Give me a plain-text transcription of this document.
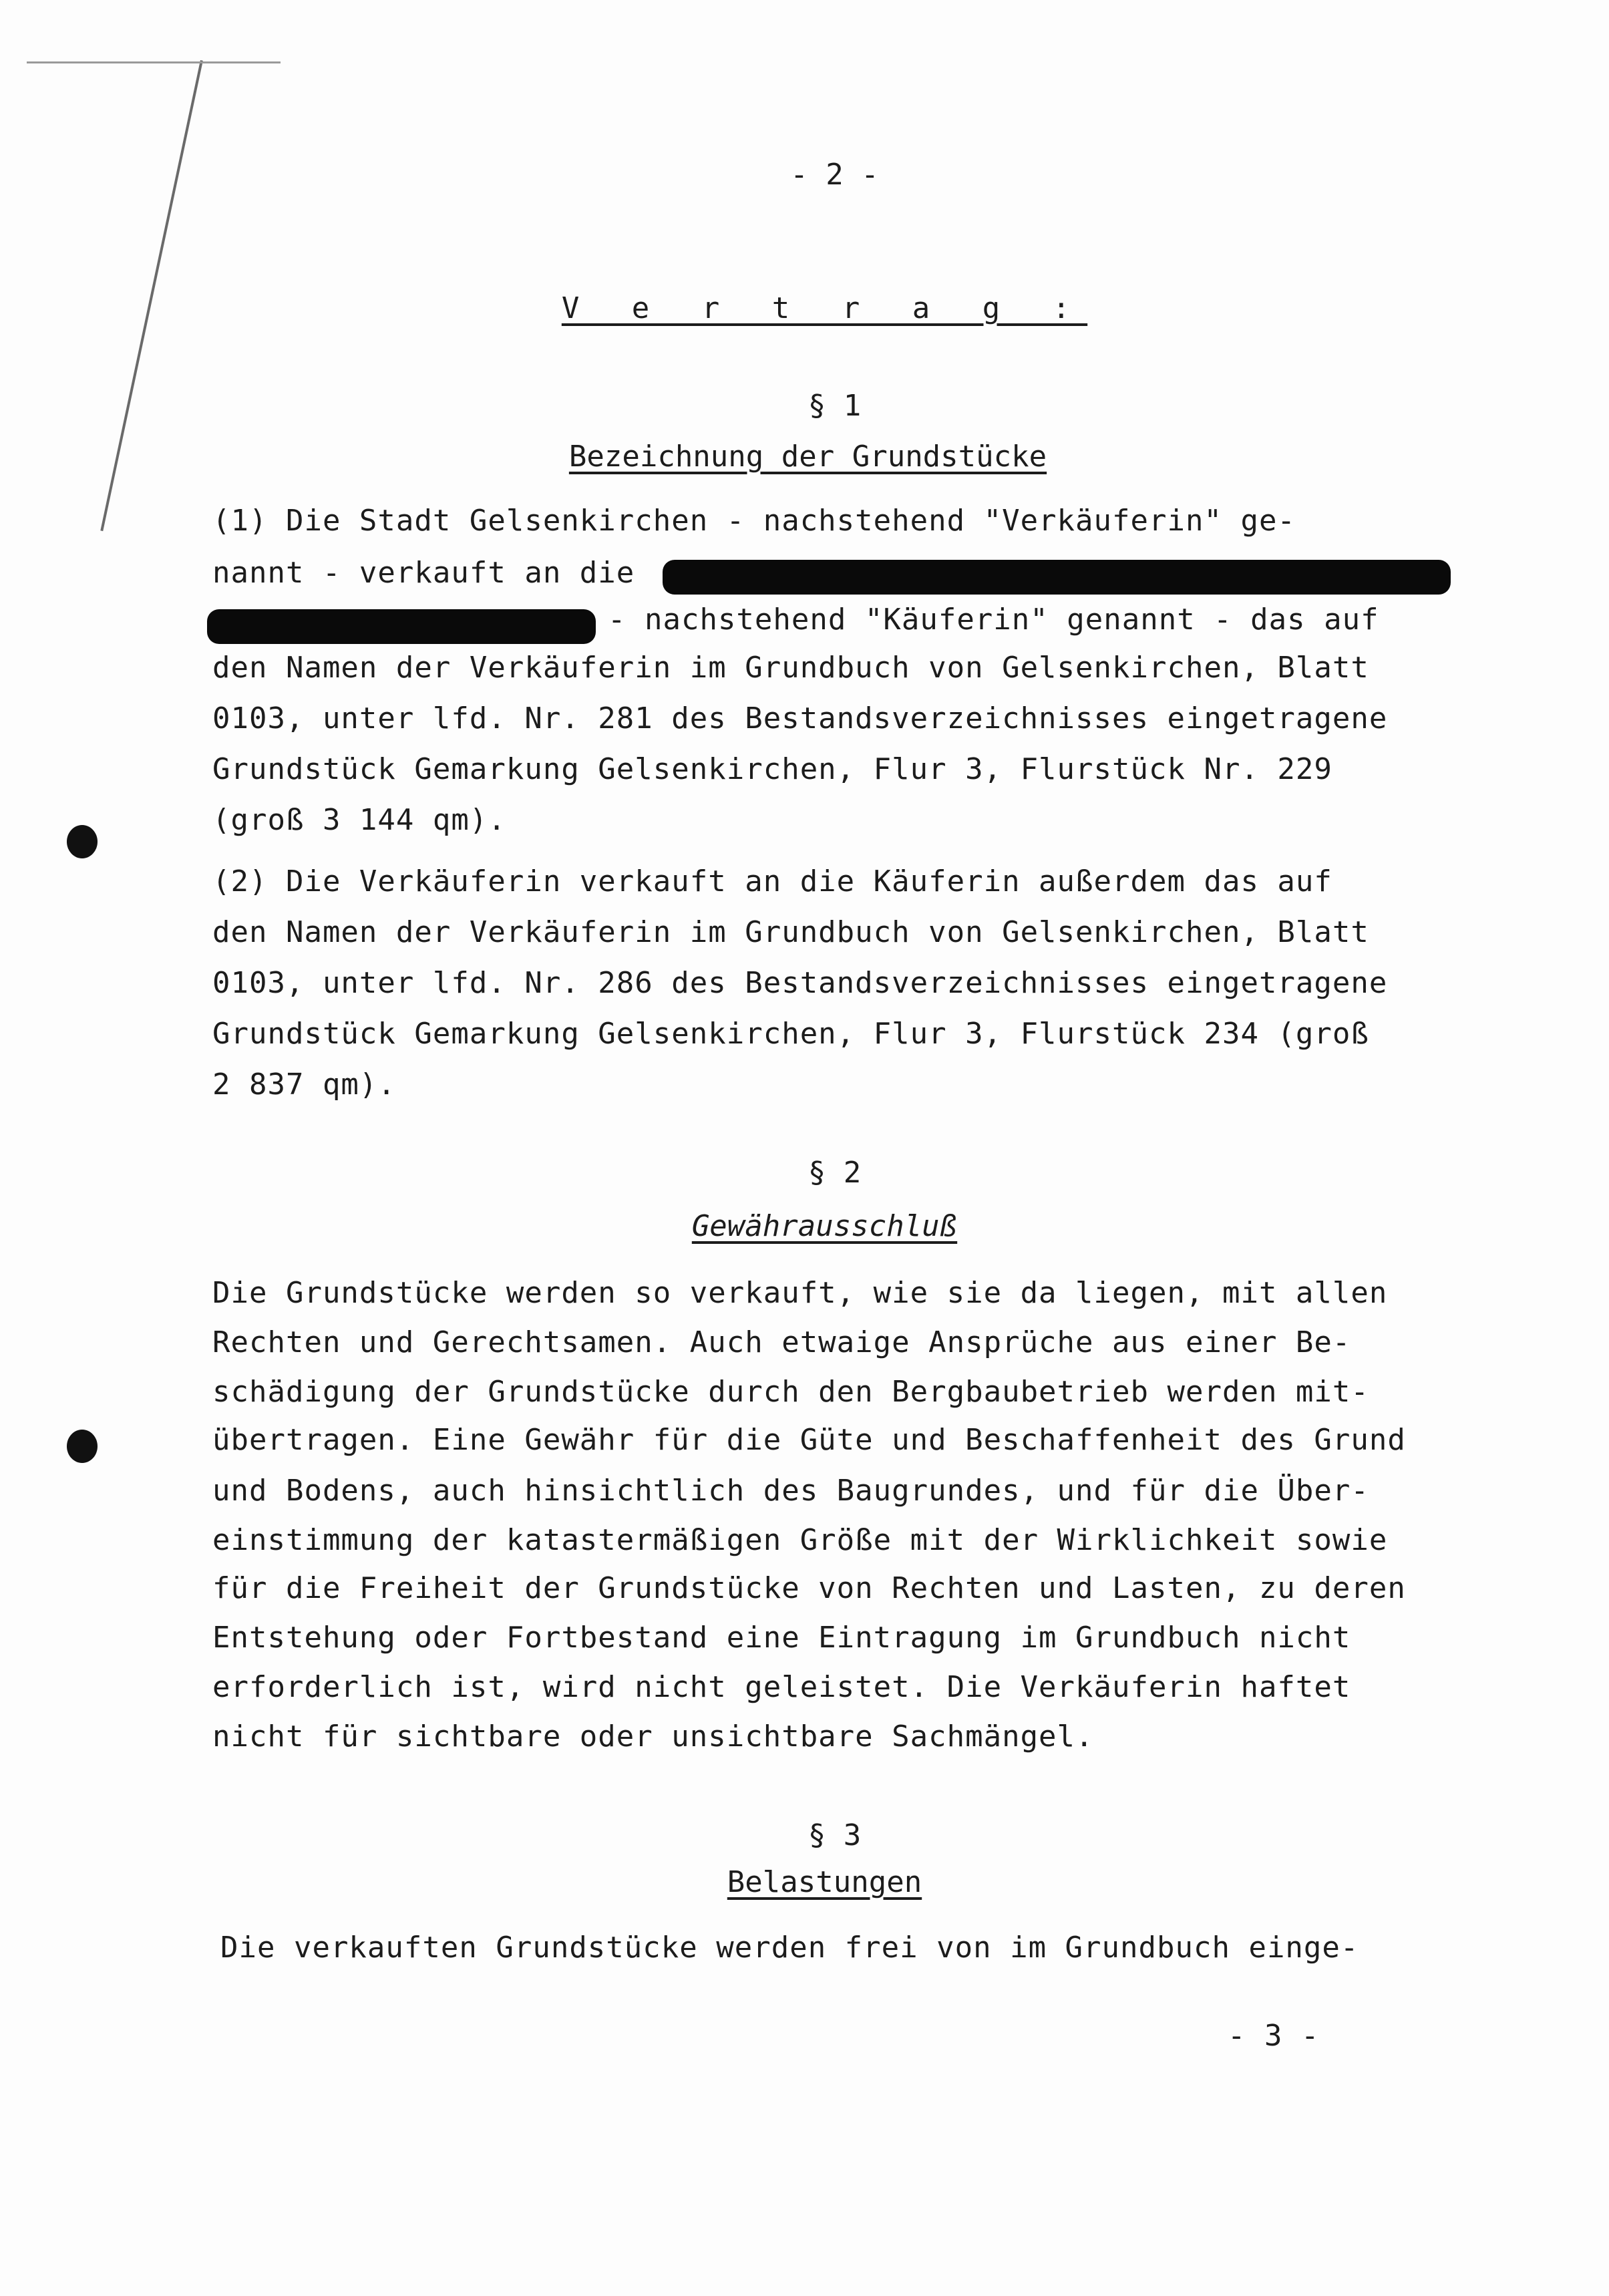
- 2 -
V e r t r a g :
§ 1
Bezeichnung der Grundstücke
(1) Die Stadt Gelsenkirchen - nachstehend "Verkäuferin" ge-
nannt - verkauft an die
- nachstehend "Käuferin" genannt - das auf
den Namen der Verkäuferin im Grundbuch von Gelsenkirchen, Blatt
0103, unter lfd. Nr. 281 des Bestandsverzeichnisses eingetragene
Grundstück Gemarkung Gelsenkirchen, Flur 3, Flurstück Nr. 229
(groß 3 144 qm).
(2) Die Verkäuferin verkauft an die Käuferin außerdem das auf
den Namen der Verkäuferin im Grundbuch von Gelsenkirchen, Blatt
0103, unter lfd. Nr. 286 des Bestandsverzeichnisses eingetragene
Grundstück Gemarkung Gelsenkirchen, Flur 3, Flurstück 234 (groß
2 837 qm).
§ 2
Gewährausschluß
Die Grundstücke werden so verkauft, wie sie da liegen, mit allen
Rechten und Gerechtsamen. Auch etwaige Ansprüche aus einer Be-
schädigung der Grundstücke durch den Bergbaubetrieb werden mit-
übertragen. Eine Gewähr für die Güte und Beschaffenheit des Grund
und Bodens, auch hinsichtlich des Baugrundes, und für die Über-
einstimmung der katastermäßigen Größe mit der Wirklichkeit sowie
für die Freiheit der Grundstücke von Rechten und Lasten, zu deren
Entstehung oder Fortbestand eine Eintragung im Grundbuch nicht
erforderlich ist, wird nicht geleistet. Die Verkäuferin haftet
nicht für sichtbare oder unsichtbare Sachmängel.
§ 3
Belastungen
Die verkauften Grundstücke werden frei von im Grundbuch einge-
- 3 -
